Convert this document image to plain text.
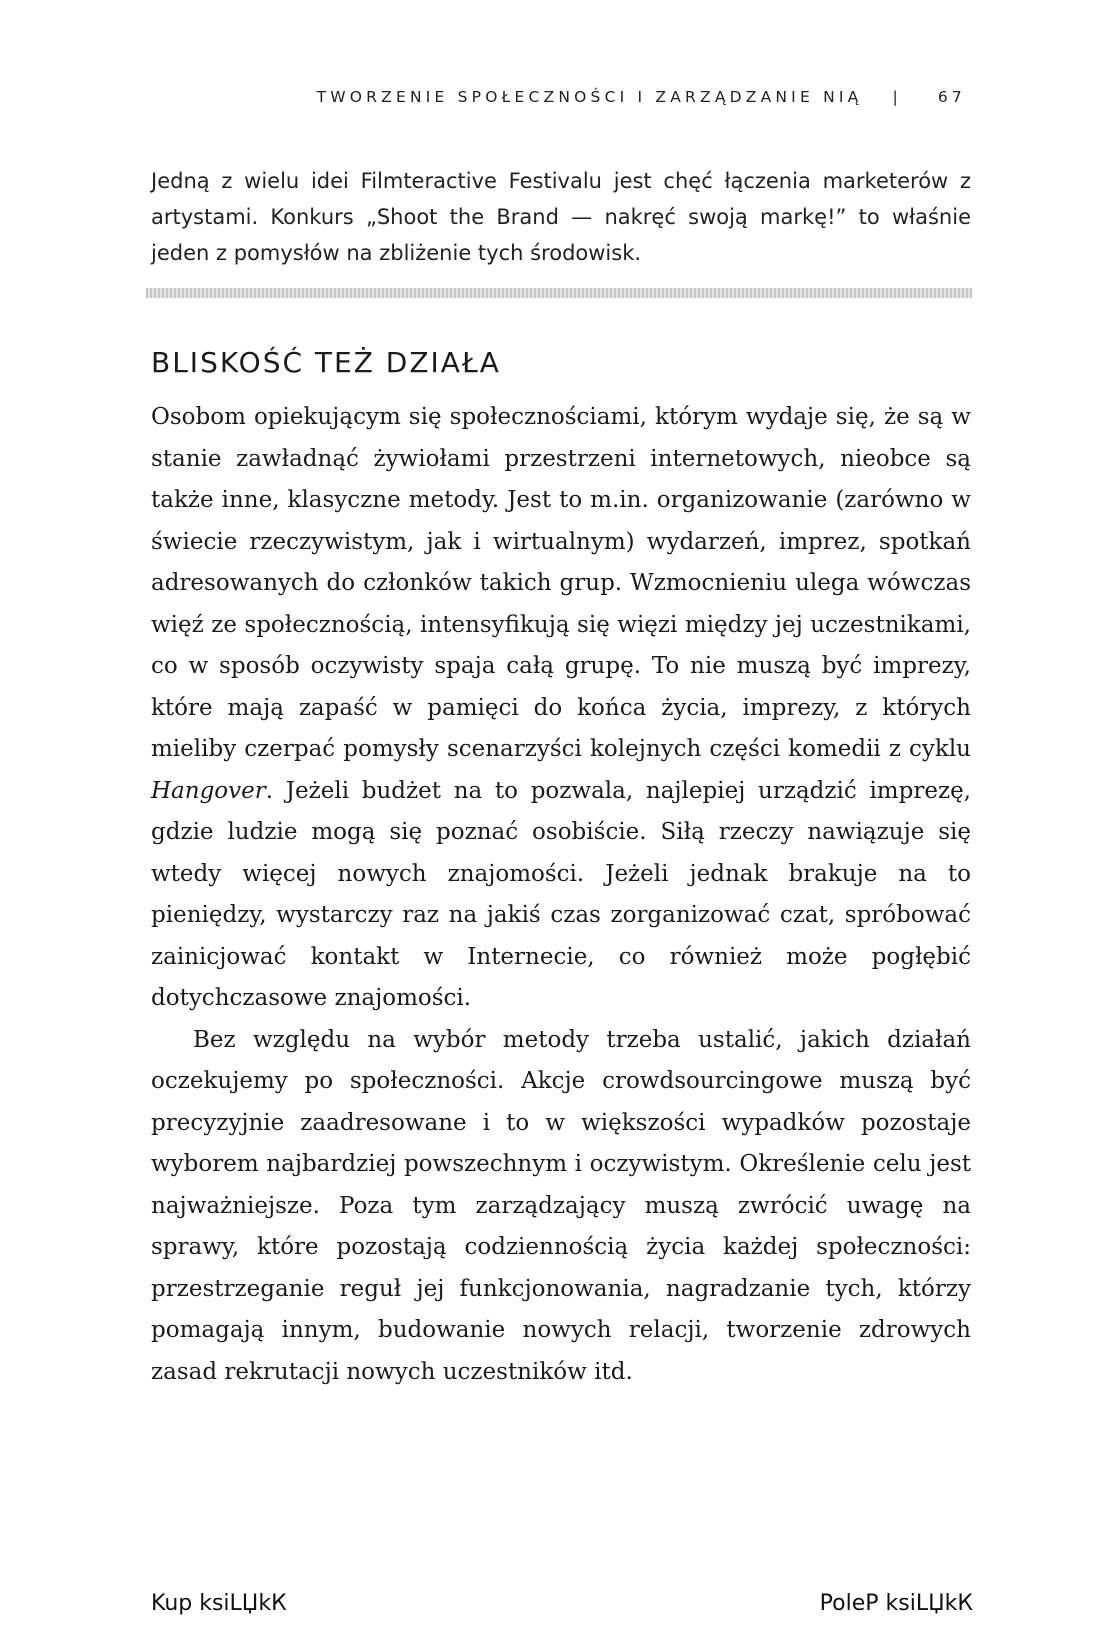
TWORZENIE SPOŁECZNOŚCI I ZARZĄDZANIE NIĄ | 67

Jedną z wielu idei Filmteractive Festivalu jest chęć łączenia marketerów z artystami. Konkurs „Shoot the Brand — nakręć swoją markę!” to właśnie jeden z pomysłów na zbliżenie tych środowisk.

BLISKOŚĆ TEŻ DZIAŁA

Osobom opiekującym się społecznościami, którym wydaje się, że są w stanie zawładnąć żywiołami przestrzeni internetowych, nieobce są także inne, klasyczne metody. Jest to m.in. organizowanie (zarówno w świecie rzeczywistym, jak i wirtualnym) wydarzeń, imprez, spotkań adresowanych do członków takich grup. Wzmocnieniu ulega wówczas więź ze społecznością, intensyfikują się więzi między jej uczestnikami, co w sposób oczywisty spaja całą grupę. To nie muszą być imprezy, które mają zapaść w pamięci do końca życia, imprezy, z których mieliby czerpać pomysły scenarzyści kolejnych części komedii z cyklu Hangover. Jeżeli budżet na to pozwala, najlepiej urządzić imprezę, gdzie ludzie mogą się poznać osobiście. Siłą rzeczy nawiązuje się wtedy więcej nowych znajomości. Jeżeli jednak brakuje na to pieniędzy, wystarczy raz na jakiś czas zorganizować czat, spróbować zainicjować kontakt w Internecie, co również może pogłębić dotychczasowe znajomości.

Bez względu na wybór metody trzeba ustalić, jakich działań oczekujemy po społeczności. Akcje crowdsourcingowe muszą być precyzyjnie zaadresowane i to w większości wypadków pozostaje wyborem najbardziej powszechnym i oczywistym. Określenie celu jest najważniejsze. Poza tym zarządzający muszą zwrócić uwagę na sprawy, które pozostają codziennością życia każdej społeczności: przestrzeganie reguł jej funkcjonowania, nagradzanie tych, którzy pomagają innym, budowanie nowych relacji, tworzenie zdrowych zasad rekrutacji nowych uczestników itd.

Kup ksiLЏkК	PoleР ksiLЏkК
